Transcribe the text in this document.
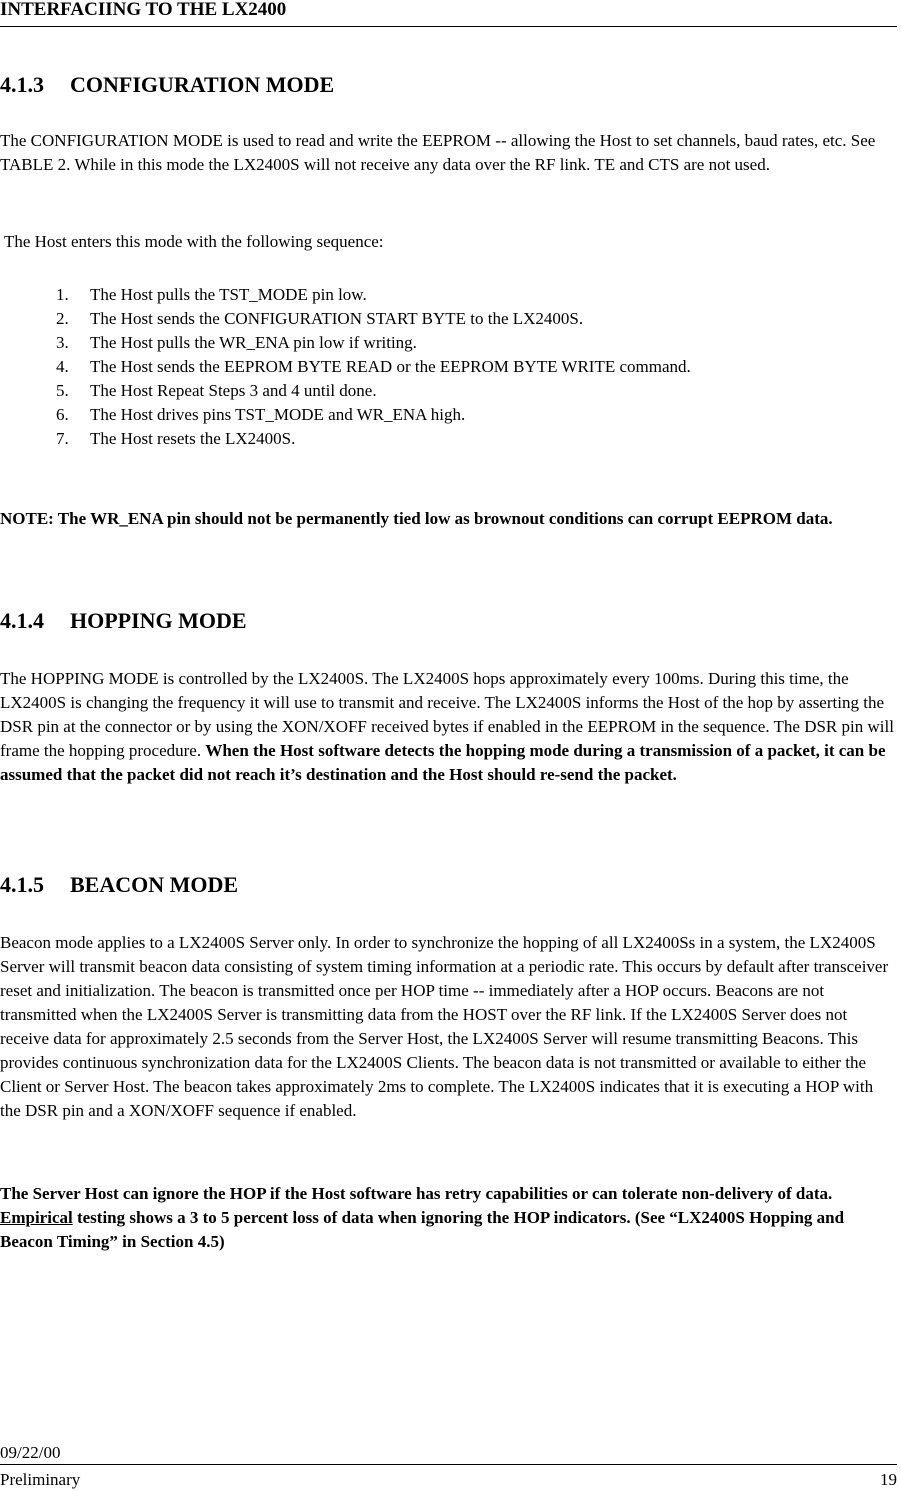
INTERFACIING TO THE LX2400
4.1.3 CONFIGURATION MODE
The CONFIGURATION MODE is used to read and write the EEPROM -- allowing the Host to set channels, baud rates, etc. See TABLE 2. While in this mode the LX2400S will not receive any data over the RF link. TE and CTS are not used.
The Host enters this mode with the following sequence:
1. The Host pulls the TST_MODE pin low.
2. The Host sends the CONFIGURATION START BYTE to the LX2400S.
3. The Host pulls the WR_ENA pin low if writing.
4. The Host sends the EEPROM BYTE READ or the EEPROM BYTE WRITE command.
5. The Host Repeat Steps 3 and 4 until done.
6. The Host drives pins TST_MODE and WR_ENA high.
7. The Host resets the LX2400S.
NOTE: The WR_ENA pin should not be permanently tied low as brownout conditions can corrupt EEPROM data.
4.1.4 HOPPING MODE
The HOPPING MODE is controlled by the LX2400S. The LX2400S hops approximately every 100ms. During this time, the LX2400S is changing the frequency it will use to transmit and receive. The LX2400S informs the Host of the hop by asserting the DSR pin at the connector or by using the XON/XOFF received bytes if enabled in the EEPROM in the sequence. The DSR pin will frame the hopping procedure. When the Host software detects the hopping mode during a transmission of a packet, it can be assumed that the packet did not reach it’s destination and the Host should re-send the packet.
4.1.5 BEACON MODE
Beacon mode applies to a LX2400S Server only. In order to synchronize the hopping of all LX2400Ss in a system, the LX2400S Server will transmit beacon data consisting of system timing information at a periodic rate. This occurs by default after transceiver reset and initialization. The beacon is transmitted once per HOP time -- immediately after a HOP occurs. Beacons are not transmitted when the LX2400S Server is transmitting data from the HOST over the RF link. If the LX2400S Server does not receive data for approximately 2.5 seconds from the Server Host, the LX2400S Server will resume transmitting Beacons. This provides continuous synchronization data for the LX2400S Clients. The beacon data is not transmitted or available to either the Client or Server Host. The beacon takes approximately 2ms to complete. The LX2400S indicates that it is executing a HOP with the DSR pin and a XON/XOFF sequence if enabled.
The Server Host can ignore the HOP if the Host software has retry capabilities or can tolerate non-delivery of data. Empirical testing shows a 3 to 5 percent loss of data when ignoring the HOP indicators. (See “LX2400S Hopping and Beacon Timing” in Section 4.5)
09/22/00
Preliminary	19
